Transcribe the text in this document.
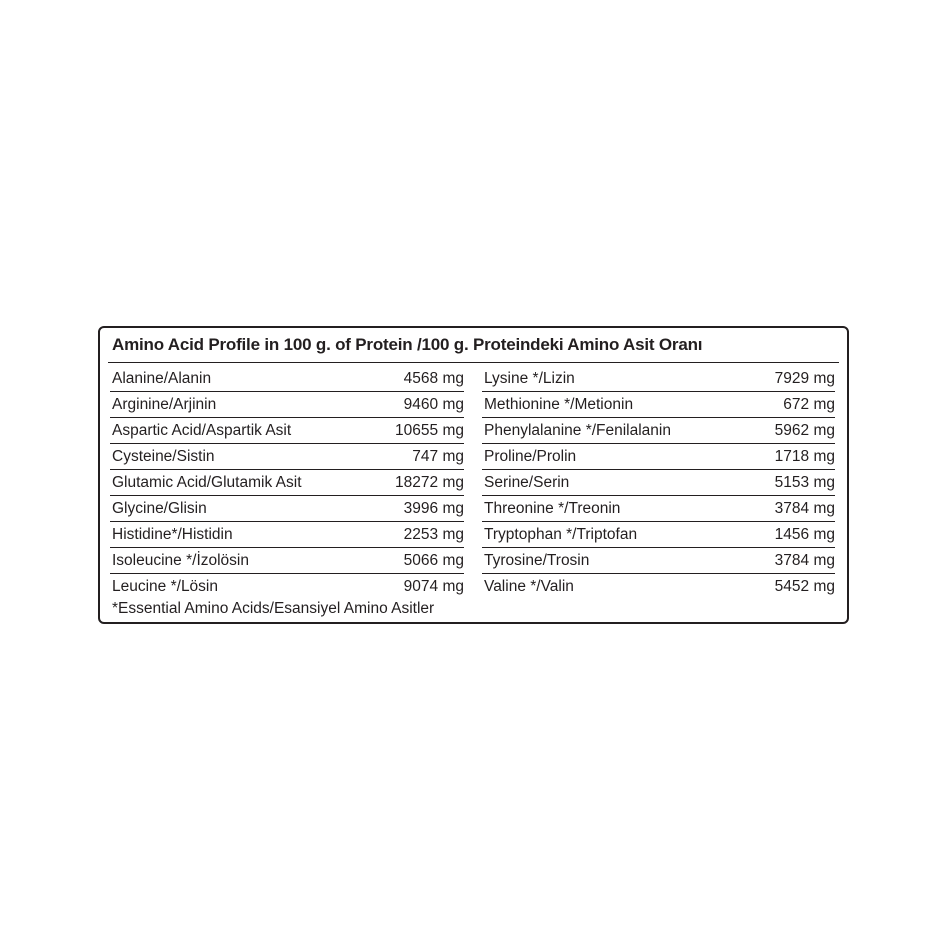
Amino Acid Profile in 100 g. of Protein /100 g. Proteindeki Amino Asit Oranı
Alanine/Alanin	4568 mg
Arginine/Arjinin	9460 mg
Aspartic Acid/Aspartik Asit	10655 mg
Cysteine/Sistin	747 mg
Glutamic Acid/Glutamik Asit	18272 mg
Glycine/Glisin	3996 mg
Histidine*/Histidin	2253 mg
Isoleucine */İzolösin	5066 mg
Leucine */Lösin	9074 mg
Lysine */Lizin	7929 mg
Methionine */Metionin	672 mg
Phenylalanine */Fenilalanin	5962 mg
Proline/Prolin	1718 mg
Serine/Serin	5153 mg
Threonine */Treonin	3784 mg
Tryptophan */Triptofan	1456 mg
Tyrosine/Trosin	3784 mg
Valine */Valin	5452 mg
*Essential Amino Acids/Esansiyel Amino Asitler
